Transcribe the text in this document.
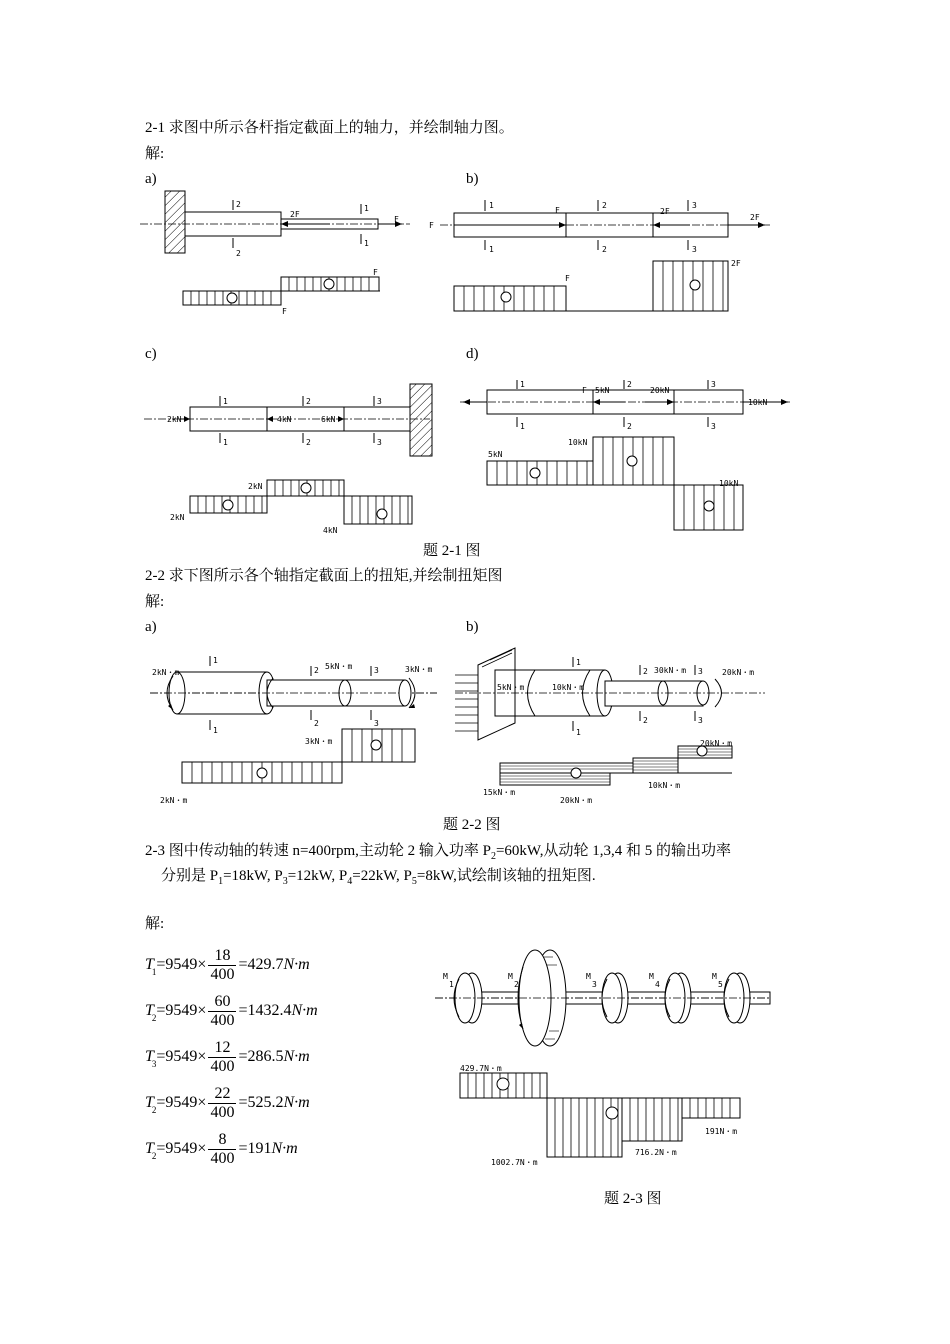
2-1 求图中所示各杆指定截面上的轴力，并绘制轴力图。
解:
a)	b)
2
2
1
1
2F
F
F
F
1
1
2
2
3
3
F
F	2F
2F
F
2F
c)	d)
1
1
2
2
3
3
2kN	4kN	6kN
2kN
2kN
4kN
1
1
2
2
3
3
F 5kN	20kN
10kN
5kN
10kN
10kN
题 2-1 图
2-2 求下图所示各个轴指定截面上的扭矩,并绘制扭矩图
解:
a)	b)
1
1
2
2
3
3
2kN・m
5kN・m	3kN・m
3kN・m
2kN・m
1
1
2
2
3
3
5kN・m	10kN・m
30kN・m	20kN・m
20kN・m
15kN・m
20kN・m
10kN・m
题 2-2 图
2-3 图中传动轴的转速 n=400rpm,主动轮 2 输入功率 $P_2=60kW$,从动轮 1,3,4 和 5 的输出功率
分别是 $P_1=18kW$, $P_3=12kW$, $P_4=22kW$, $P_5=8kW$,试绘制该轴的扭矩图.
解:
$T_1=9549\times \frac{18}{400} =429.7N\cdot m$
$T_2=9549\times \frac{60}{400} =1432.4N\cdot m$
$T_3=9549\times \frac{12}{400} =286.5N\cdot m$
$T_2=9549\times \frac{22}{400} =525.2N\cdot m$
$T_2=9549\times \frac{8}{400} =191N\cdot m$
M
1
M
2
M
3
M
4
M
5
429.7N・m
1002.7N・m
716.2N・m
191N・m
题 2-3 图
